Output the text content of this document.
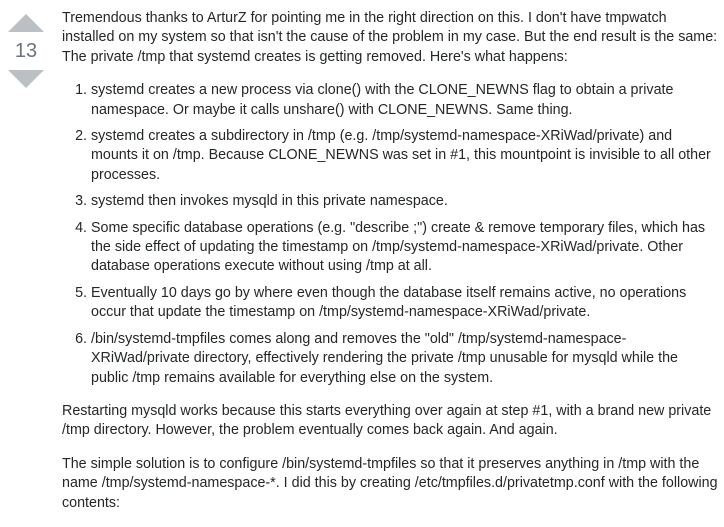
13

Tremendous thanks to ArturZ for pointing me in the right direction on this. I don't have tmpwatch installed on my system so that isn't the cause of the problem in my case. But the end result is the same: The private /tmp that systemd creates is getting removed. Here's what happens:

1. systemd creates a new process via clone() with the CLONE_NEWNS flag to obtain a private namespace. Or maybe it calls unshare() with CLONE_NEWNS. Same thing.
2. systemd creates a subdirectory in /tmp (e.g. /tmp/systemd-namespace-XRiWad/private) and mounts it on /tmp. Because CLONE_NEWNS was set in #1, this mountpoint is invisible to all other processes.
3. systemd then invokes mysqld in this private namespace.
4. Some specific database operations (e.g. "describe ;") create & remove temporary files, which has the side effect of updating the timestamp on /tmp/systemd-namespace-XRiWad/private. Other database operations execute without using /tmp at all.
5. Eventually 10 days go by where even though the database itself remains active, no operations occur that update the timestamp on /tmp/systemd-namespace-XRiWad/private.
6. /bin/systemd-tmpfiles comes along and removes the "old" /tmp/systemd-namespace-XRiWad/private directory, effectively rendering the private /tmp unusable for mysqld while the public /tmp remains available for everything else on the system.

Restarting mysqld works because this starts everything over again at step #1, with a brand new private /tmp directory. However, the problem eventually comes back again. And again.

The simple solution is to configure /bin/systemd-tmpfiles so that it preserves anything in /tmp with the name /tmp/systemd-namespace-*. I did this by creating /etc/tmpfiles.d/privatetmp.conf with the following contents:
